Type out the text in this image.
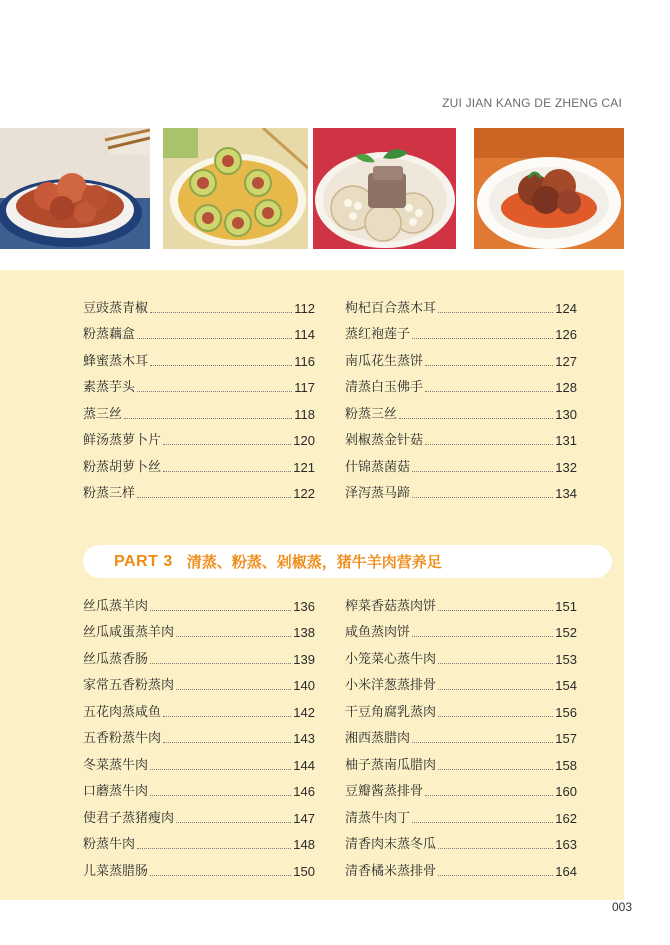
ZUI JIAN KANG DE ZHENG CAI
豆豉蒸青椒	112
粉蒸藕盒	114
蜂蜜蒸木耳	116
素蒸芋头	117
蒸三丝	118
鲜汤蒸萝卜片	120
粉蒸胡萝卜丝	121
粉蒸三样	122
枸杞百合蒸木耳	124
蒸红袍莲子	126
南瓜花生蒸饼	127
清蒸白玉佛手	128
粉蒸三丝	130
剁椒蒸金针菇	131
什锦蒸菌菇	132
泽泻蒸马蹄	134
PART 3 清蒸、粉蒸、剁椒蒸，猪牛羊肉营养足
丝瓜蒸羊肉	136
丝瓜咸蛋蒸羊肉	138
丝瓜蒸香肠	139
家常五香粉蒸肉	140
五花肉蒸咸鱼	142
五香粉蒸牛肉	143
冬菜蒸牛肉	144
口蘑蒸牛肉	146
使君子蒸猪瘦肉	147
粉蒸牛肉	148
儿菜蒸腊肠	150
榨菜香菇蒸肉饼	151
咸鱼蒸肉饼	152
小笼菜心蒸牛肉	153
小米洋葱蒸排骨	154
干豆角腐乳蒸肉	156
湘西蒸腊肉	157
柚子蒸南瓜腊肉	158
豆瓣酱蒸排骨	160
清蒸牛肉丁	162
清香肉末蒸冬瓜	163
清香橘米蒸排骨	164
003
